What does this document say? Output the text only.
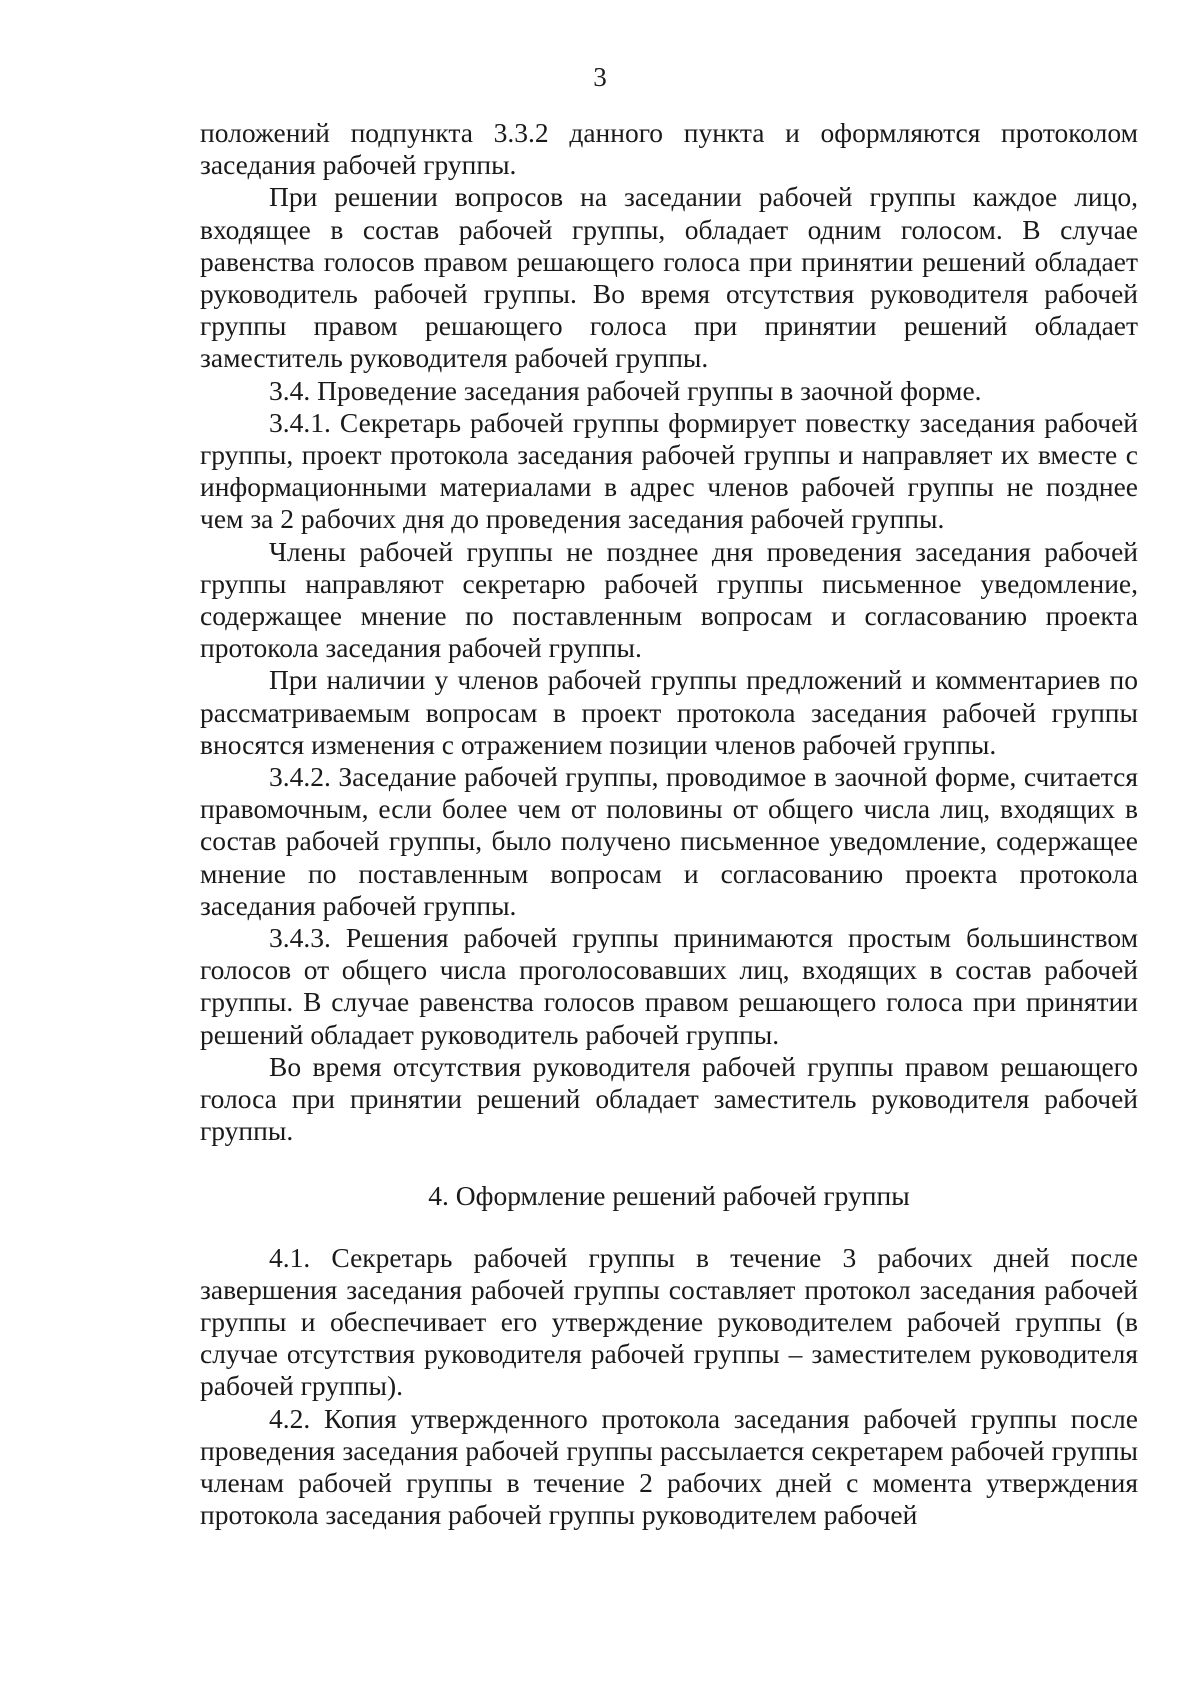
3

положений подпункта 3.3.2 данного пункта и оформляются протоколом заседания рабочей группы.

При решении вопросов на заседании рабочей группы каждое лицо, входящее в состав рабочей группы, обладает одним голосом. В случае равенства голосов правом решающего голоса при принятии решений обладает руководитель рабочей группы. Во время отсутствия руководителя рабочей группы правом решающего голоса при принятии решений обладает заместитель руководителя рабочей группы.

3.4. Проведение заседания рабочей группы в заочной форме.

3.4.1. Секретарь рабочей группы формирует повестку заседания рабочей группы, проект протокола заседания рабочей группы и направляет их вместе с информационными материалами в адрес членов рабочей группы не позднее чем за 2 рабочих дня до проведения заседания рабочей группы.

Члены рабочей группы не позднее дня проведения заседания рабочей группы направляют секретарю рабочей группы письменное уведомление, содержащее мнение по поставленным вопросам и согласованию проекта протокола заседания рабочей группы.

При наличии у членов рабочей группы предложений и комментариев по рассматриваемым вопросам в проект протокола заседания рабочей группы вносятся изменения с отражением позиции членов рабочей группы.

3.4.2. Заседание рабочей группы, проводимое в заочной форме, считается правомочным, если более чем от половины от общего числа лиц, входящих в состав рабочей группы, было получено письменное уведомление, содержащее мнение по поставленным вопросам и согласованию проекта протокола заседания рабочей группы.

3.4.3. Решения рабочей группы принимаются простым большинством голосов от общего числа проголосовавших лиц, входящих в состав рабочей группы. В случае равенства голосов правом решающего голоса при принятии решений обладает руководитель рабочей группы.

Во время отсутствия руководителя рабочей группы правом решающего голоса при принятии решений обладает заместитель руководителя рабочей группы.

4. Оформление решений рабочей группы

4.1. Секретарь рабочей группы в течение 3 рабочих дней после завершения заседания рабочей группы составляет протокол заседания рабочей группы и обеспечивает его утверждение руководителем рабочей группы (в случае отсутствия руководителя рабочей группы – заместителем руководителя рабочей группы).

4.2. Копия утвержденного протокола заседания рабочей группы после проведения заседания рабочей группы рассылается секретарем рабочей группы членам рабочей группы в течение 2 рабочих дней с момента утверждения протокола заседания рабочей группы руководителем рабочей
